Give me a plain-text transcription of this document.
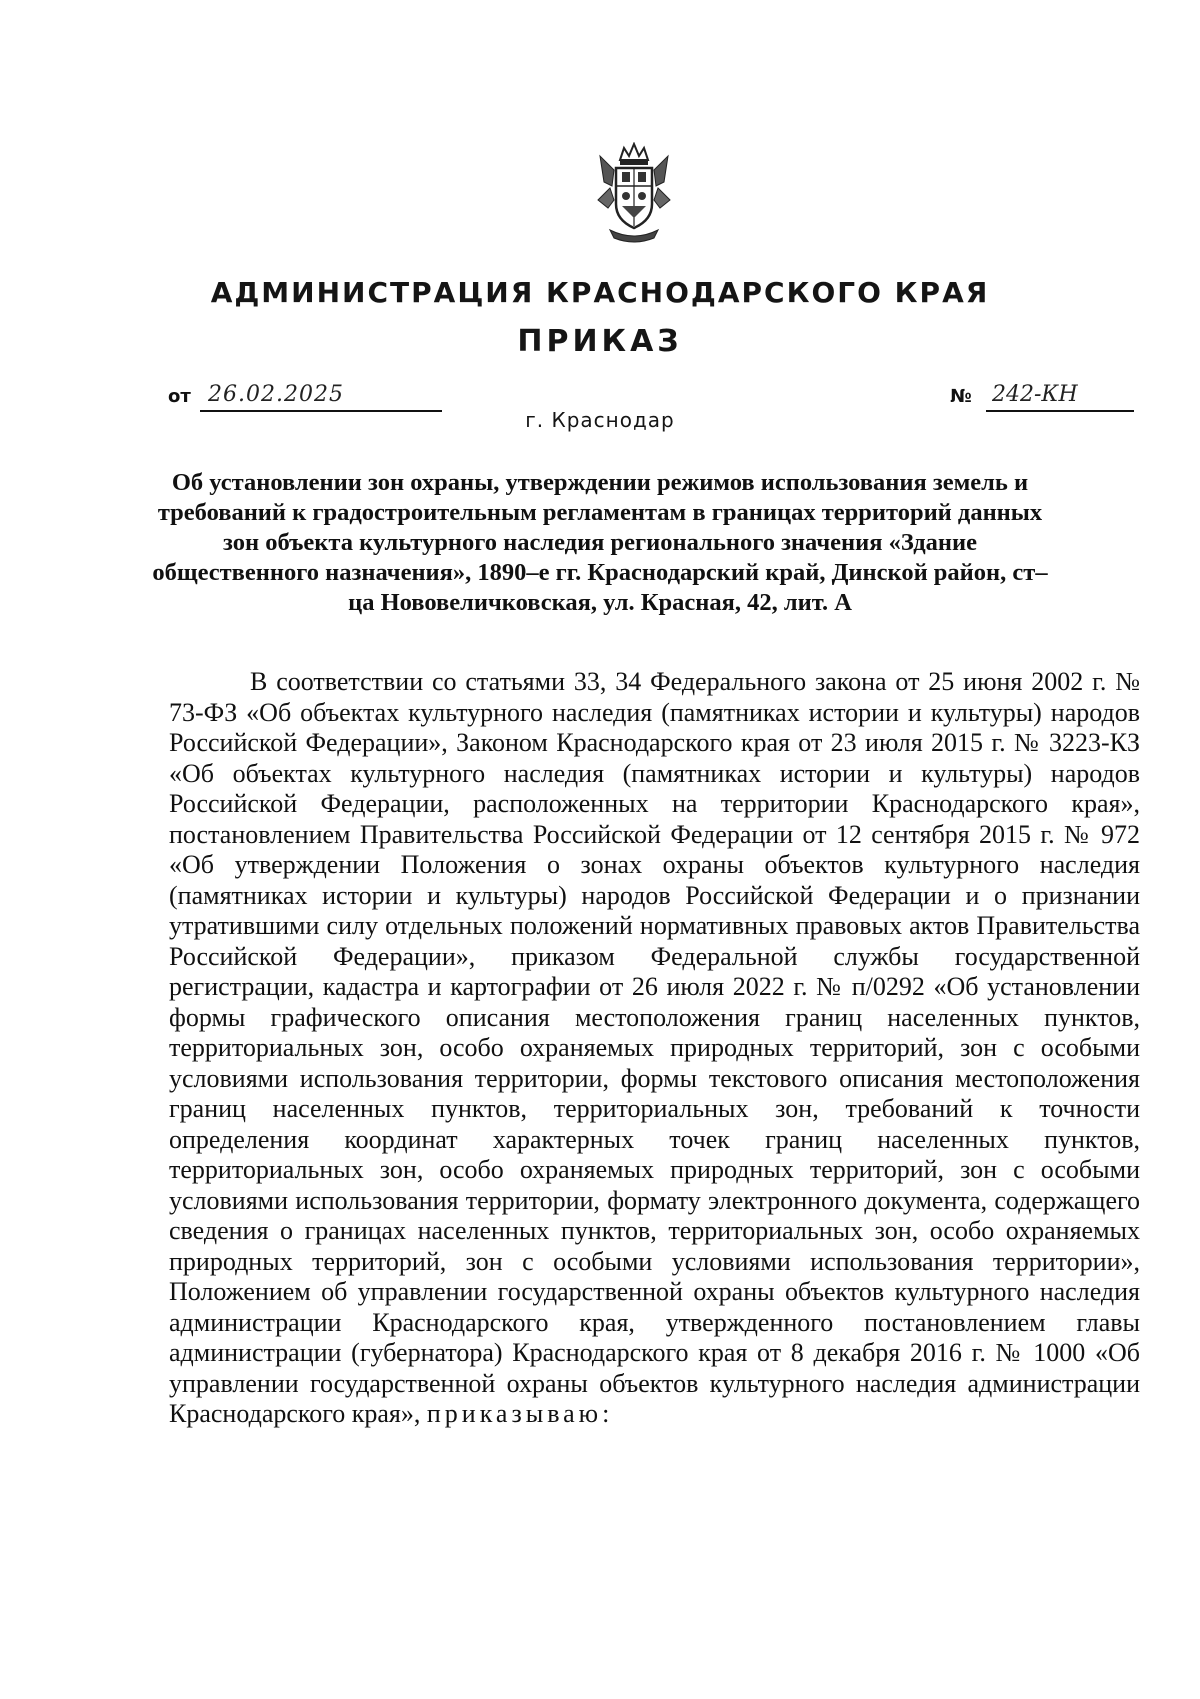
АДМИНИСТРАЦИЯ КРАСНОДАРСКОГО КРАЯ
ПРИКАЗ
от 26.02.2025	№ 242-КН
г. Краснодар
Об установлении зон охраны, утверждении режимов использования земель и требований к градостроительным регламентам в границах территорий данных зон объекта культурного наследия регионального значения «Здание общественного назначения», 1890–е гг. Краснодарский край, Динской район, ст–ца Нововеличковская, ул. Красная, 42, лит. А

В соответствии со статьями 33, 34 Федерального закона от 25 июня 2002 г. № 73-ФЗ «Об объектах культурного наследия (памятниках истории и культуры) народов Российской Федерации», Законом Краснодарского края от 23 июля 2015 г. № 3223-КЗ «Об объектах культурного наследия (памятниках истории и культуры) народов Российской Федерации, расположенных на территории Краснодарского края», постановлением Правительства Российской Федерации от 12 сентября 2015 г. № 972 «Об утверждении Положения о зонах охраны объектов культурного наследия (памятниках истории и культуры) народов Российской Федерации и о признании утратившими силу отдельных положений нормативных правовых актов Правительства Российской Федерации», приказом Федеральной службы государственной регистрации, кадастра и картографии от 26 июля 2022 г. № п/0292 «Об установлении формы графического описания местоположения границ населенных пунктов, территориальных зон, особо охраняемых природных территорий, зон с особыми условиями использования территории, формы текстового описания местоположения границ населенных пунктов, территориальных зон, требований к точности определения координат характерных точек границ населенных пунктов, территориальных зон, особо охраняемых природных территорий, зон с особыми условиями использования территории, формату электронного документа, содержащего сведения о границах населенных пунктов, территориальных зон, особо охраняемых природных территорий, зон с особыми условиями использования территории», Положением об управлении государственной охраны объектов культурного наследия администрации Краснодарского края, утвержденного постановлением главы администрации (губернатора) Краснодарского края от 8 декабря 2016 г. № 1000 «Об управлении государственной охраны объектов культурного наследия администрации Краснодарского края», приказываю:
